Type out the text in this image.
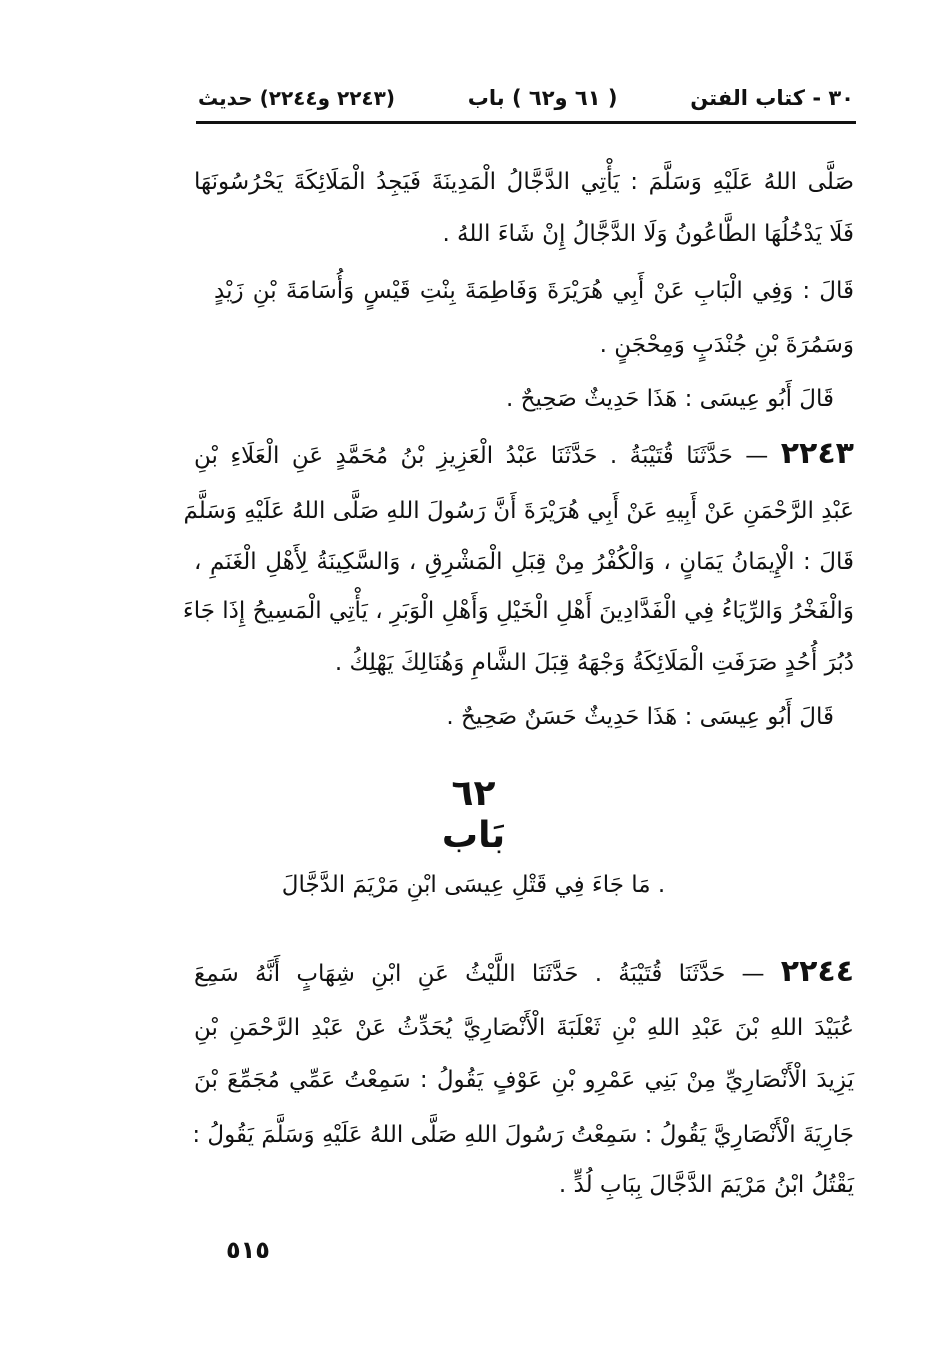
٣٠ - كتاب الفتن
( ٦١ و٦٢ ) باب
(٢٢٤٣ و٢٢٤٤) حديث
صَلَّى اللهُ عَلَيْهِ وَسَلَّمَ : يَأْتِي الدَّجَّالُ الْمَدِينَةَ فَيَجِدُ الْمَلَائِكَةَ يَحْرُسُونَهَا
فَلَا يَدْخُلُهَا الطَّاعُونُ وَلَا الدَّجَّالُ إِنْ شَاءَ اللهُ .
قَالَ : وَفِي الْبَابِ عَنْ أَبِي هُرَيْرَةَ وَفَاطِمَةَ بِنْتِ قَيْسٍ وَأُسَامَةَ بْنِ زَيْدٍ
وَسَمُرَةَ بْنِ جُنْدَبٍ وَمِحْجَنٍ .
قَالَ أَبُو عِيسَى : هَذَا حَدِيثٌ صَحِيحٌ .
٢٢٤٣ — حَدَّثَنَا قُتَيْبَةُ . حَدَّثَنَا عَبْدُ الْعَزِيزِ بْنُ مُحَمَّدٍ عَنِ الْعَلَاءِ بْنِ
عَبْدِ الرَّحْمَنِ عَنْ أَبِيهِ عَنْ أَبِي هُرَيْرَةَ أَنَّ رَسُولَ اللهِ صَلَّى اللهُ عَلَيْهِ وَسَلَّمَ
قَالَ : الْإِيمَانُ يَمَانٍ ، وَالْكُفْرُ مِنْ قِبَلِ الْمَشْرِقِ ، وَالسَّكِينَةُ لِأَهْلِ الْغَنَمِ ،
وَالْفَخْرُ وَالرِّيَاءُ فِي الْفَدَّادِينَ أَهْلِ الْخَيْلِ وَأَهْلِ الْوَبَرِ ، يَأْتِي الْمَسِيحُ إِذَا جَاءَ
دُبُرَ أُحُدٍ صَرَفَتِ الْمَلَائِكَةُ وَجْهَهُ قِبَلَ الشَّامِ وَهُنَالِكَ يَهْلِكُ .
قَالَ أَبُو عِيسَى : هَذَا حَدِيثٌ حَسَنٌ صَحِيحٌ .
٦٢
بَاب
. مَا جَاءَ فِي قَتْلِ عِيسَى ابْنِ مَرْيَمَ الدَّجَّالَ
٢٢٤٤ — حَدَّثَنَا قُتَيْبَةُ . حَدَّثَنَا اللَّيْثُ عَنِ ابْنِ شِهَابٍ أَنَّهُ سَمِعَ
عُبَيْدَ اللهِ بْنَ عَبْدِ اللهِ بْنِ ثَعْلَبَةَ الْأَنْصَارِيَّ يُحَدِّثُ عَنْ عَبْدِ الرَّحْمَنِ بْنِ
يَزِيدَ الْأَنْصَارِيِّ مِنْ بَنِي عَمْرِو بْنِ عَوْفٍ يَقُولُ : سَمِعْتُ عَمِّي مُجَمِّعَ بْنَ
جَارِيَةَ الْأَنْصَارِيَّ يَقُولُ : سَمِعْتُ رَسُولَ اللهِ صَلَّى اللهُ عَلَيْهِ وَسَلَّمَ يَقُولُ :
يَقْتُلُ ابْنُ مَرْيَمَ الدَّجَّالَ بِبَابِ لُدٍّ .
٥١٥
